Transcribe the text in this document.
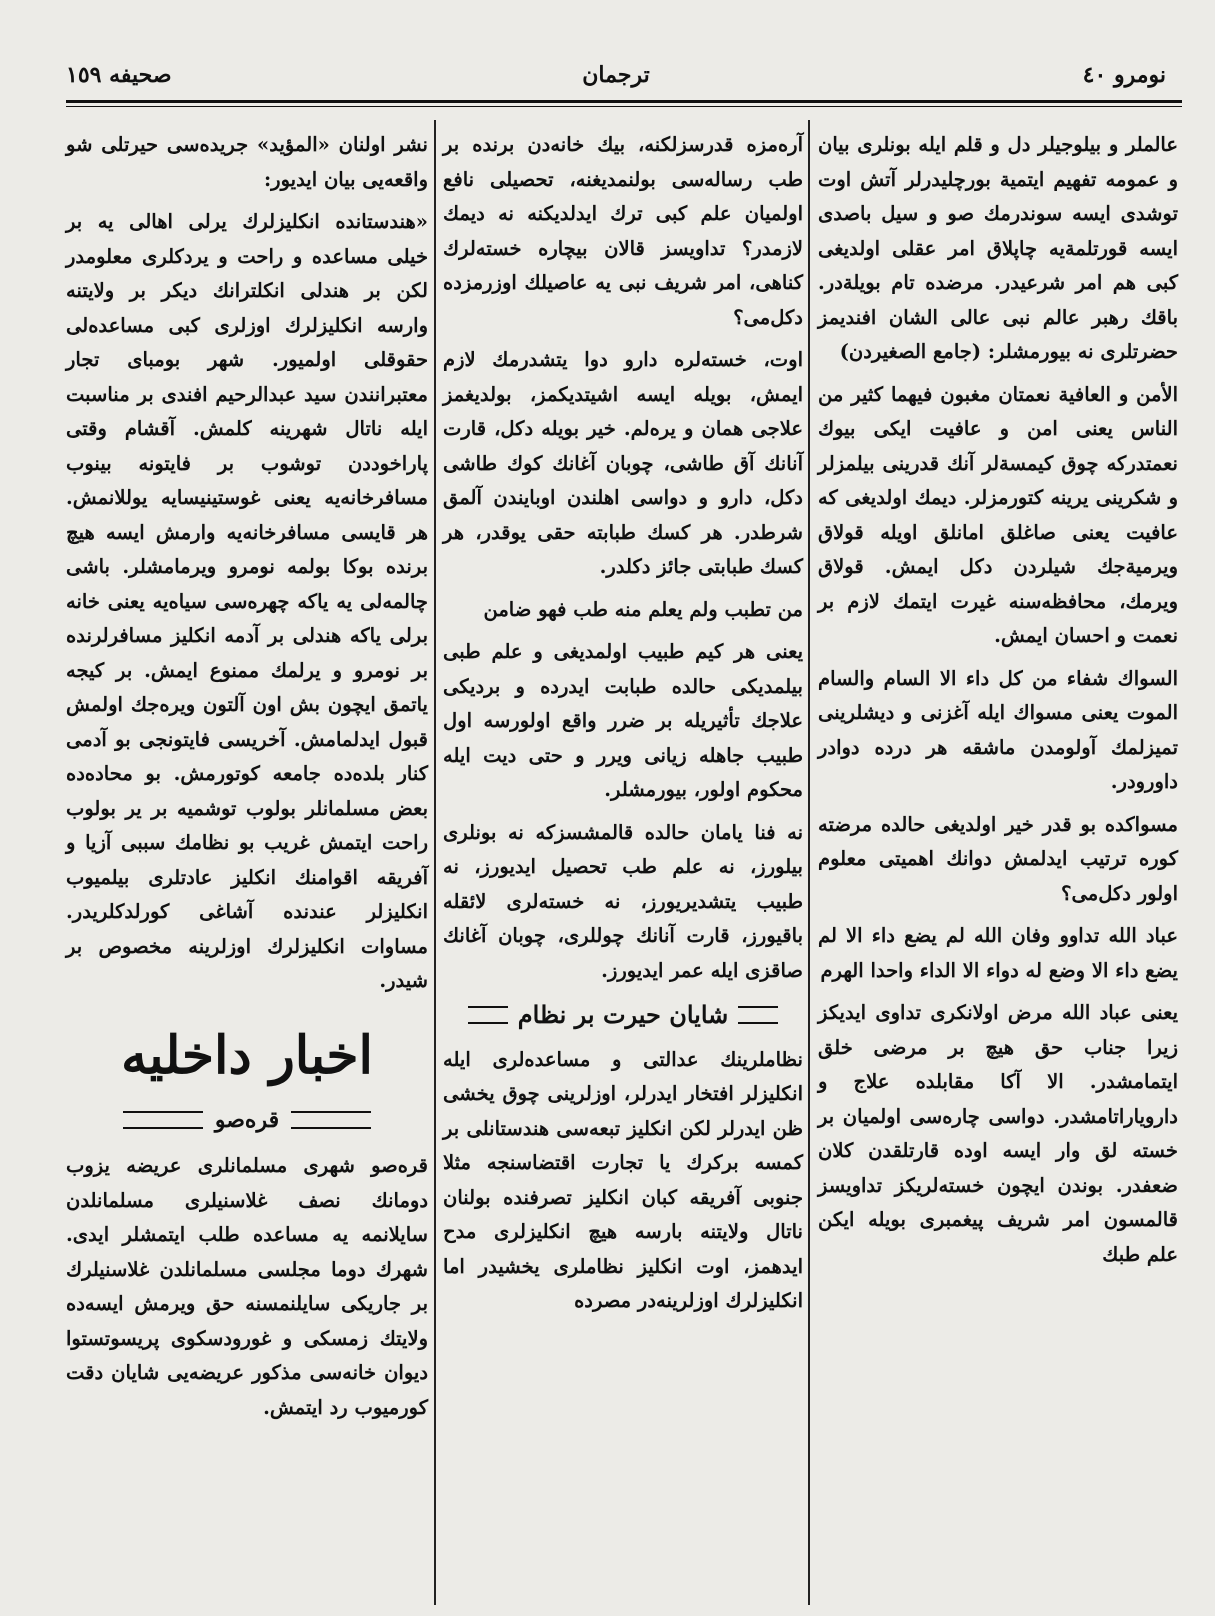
نومرو ٤٠
ترجمان
صحيفه ١٥٩

عالملر و بيلوجيلر دل و قلم ايله بونلرى بيان و عمومه تفهيم ايتمية بورچليدرلر آتش اوت توشدى ايسه سوندرمك صو و سيل باصدى ايسه قورتلمةيه چاپلاق امر عقلى اولديغى كبى هم امر شرعيدر. مرضده تام بويلةدر. باقك رهبر عالم نبى عالى الشان افنديمز حضرتلرى نه بيورمشلر: (جامع الصغيردن)

الأمن و العافية نعمتان مغبون فيهما كثير من الناس يعنى امن و عافيت ايكى بيوك نعمتدركه چوق كيمسةلر آنك قدرينى بيلمزلر و شكرينى يرينه كتورمزلر. ديمك اولديغى كه عافيت يعنى صاغلق امانلق اويله قولاق ويرمية‌جك شيلردن دكل ايمش. قولاق ويرمك، محافظه‌سنه غيرت ايتمك لازم بر نعمت و احسان ايمش.

السواك شفاء من كل داء الا السام والسام الموت يعنى مسواك ايله آغزنى و ديشلرينى تميزلمك آولومدن ماشقه هر درده دوادر داورودر.

مسواكده بو قدر خير اولديغى حالده مرضته كوره ترتيب ايدلمش دوانك اهميتى معلوم اولور دكل‌مى؟

عباد الله تداوو وفان الله لم يضع داء الا لم يضع داء الا وضع له دواء الا الداء واحدا الهرم

يعنى عباد الله مرض اولانكرى تداوى ايديكز زيرا جناب حق هيچ بر مرضى خلق ايتمامشدر. الا آكا مقابلده علاج و داروياراتامشدر. دواسى چاره‌سى اولميان بر خسته لق وار ايسه اوده قارتلقدن كلان ضعفدر. بوندن ايچون خسته‌لريكز تداويسز قالمسون امر شريف پيغمبرى بويله ايكن علم طبك

آره‌مزه قدرسزلكنه، بيك خانه‌دن برنده بر طب رساله‌سى بولنمديغنه، تحصيلى نافع اولميان علم كبى ترك ايدلديكنه نه ديمك لازمدر؟ تداويسز قالان بيچاره خسته‌لرك كناهى، امر شريف نبى يه عاصيلك اوزرمزده دكل‌مى؟

اوت، خسته‌لره دارو دوا يتشدرمك لازم ايمش، بويله ايسه اشيتديكمز، بولديغمز علاجى همان و يرەلم. خير بويله دكل، قارت آنانك آق طاشى، چوبان آغانك كوك طاشى دكل، دارو و دواسى اهلندن اوبايندن آلمق شرطدر. هر كسك طبابته حقى يوقدر، هر كسك طبابتى جائز دكلدر.

من تطبب ولم يعلم منه طب فهو ضامن

يعنى هر كيم طبيب اولمديغى و علم طبى بيلمديكى حالده طبابت ايدرده و برديكى علاجك تأثيريله بر ضرر واقع اولورسه اول طبيب جاهله زيانى ويرر و حتى ديت ايله محكوم اولور، بيورمشلر.

نه فنا يامان حالده قالمشسزكه نه بونلرى بيلورز، نه علم طب تحصيل ايديورز، نه طبيب يتشديريورز، نه خسته‌لرى لائقله باقيورز، قارت آنانك چوللرى، چوبان آغانك صاقزى ايله عمر ايديورز.

شايان حيرت بر نظام

نظاملرينك عدالتى و مساعده‌لرى ايله انكليزلر افتخار ايدرلر، اوزلرينى چوق يخشى ظن ايدرلر لكن انكليز تبعه‌سى هندستانلى بر كمسه بركرك يا تجارت اقتضاسنجه مثلا جنوبى آفريقه كبان انكليز تصرفنده بولنان ناتال ولايتنه بارسه هيچ انكليزلرى مدح ايدهمز، اوت انكليز نظاملرى يخشيدر اما انكليزلرك اوزلرينه‌در مصرده

نشر اولنان «المؤيد» جريده‌سى حيرتلى شو واقعه‌يى بيان ايديور:

«هندستانده انكليزلرك يرلى اهالى يه بر خيلى مساعده و راحت و يردكلرى معلومدر لكن بر هندلى انكلترانك ديكر بر ولايتنه وارسه انكليزلرك اوزلرى كبى مساعده‌لى حقوقلى اولميور. شهر بومباى تجار معتبرانندن سيد عبدالرحيم افندى بر مناسبت ايله ناتال شهرينه كلمش. آقشام وقتى پاراخوددن توشوب بر فايتونه بينوب مسافرخانه‌يه يعنى غوستينيسايه يوللانمش. هر قايسى مسافرخانه‌يه وارمش ايسه هيچ برنده بوكا بولمه نومرو ويرمامشلر. باشى چالمه‌لى يه ياكه چهره‌سى سياه‌يه يعنى خانه برلى ياكه هندلى بر آدمه انكليز مسافرلرنده بر نومرو و يرلمك ممنوع ايمش. بر كيجه ياتمق ايچون بش اون آلتون ويره‌جك اولمش قبول ايدلمامش. آخريسى فايتونجى بو آدمى كنار بلده‌ده جامعه كوتورمش. بو محاده‌ده بعض مسلمانلر بولوب توشميه بر ير بولوب راحت ايتمش غريب بو نظامك سببى آزيا و آفريقه اقوامنك انكليز عادتلرى بيلميوب انكليزلر عندنده آشاغى كورلدكلريدر. مساوات انكليزلرك اوزلرينه مخصوص بر شيدر.

اخبار داخليه
قره‌صو

قره‌صو شهرى مسلمانلرى عريضه يزوب دومانك نصف غلاسنيلرى مسلمانلدن سايلانمه يه مساعده طلب ايتمشلر ايدى. شهرك دوما مجلسى مسلمانلدن غلاسنيلرك بر جاريكى سايلنمسنه حق ويرمش ايسه‌ده ولايتك زمسكى و غورودسكوى پريسوتستوا ديوان خانه‌سى مذكور عريضه‌يى شايان دقت كورميوب رد ايتمش.
